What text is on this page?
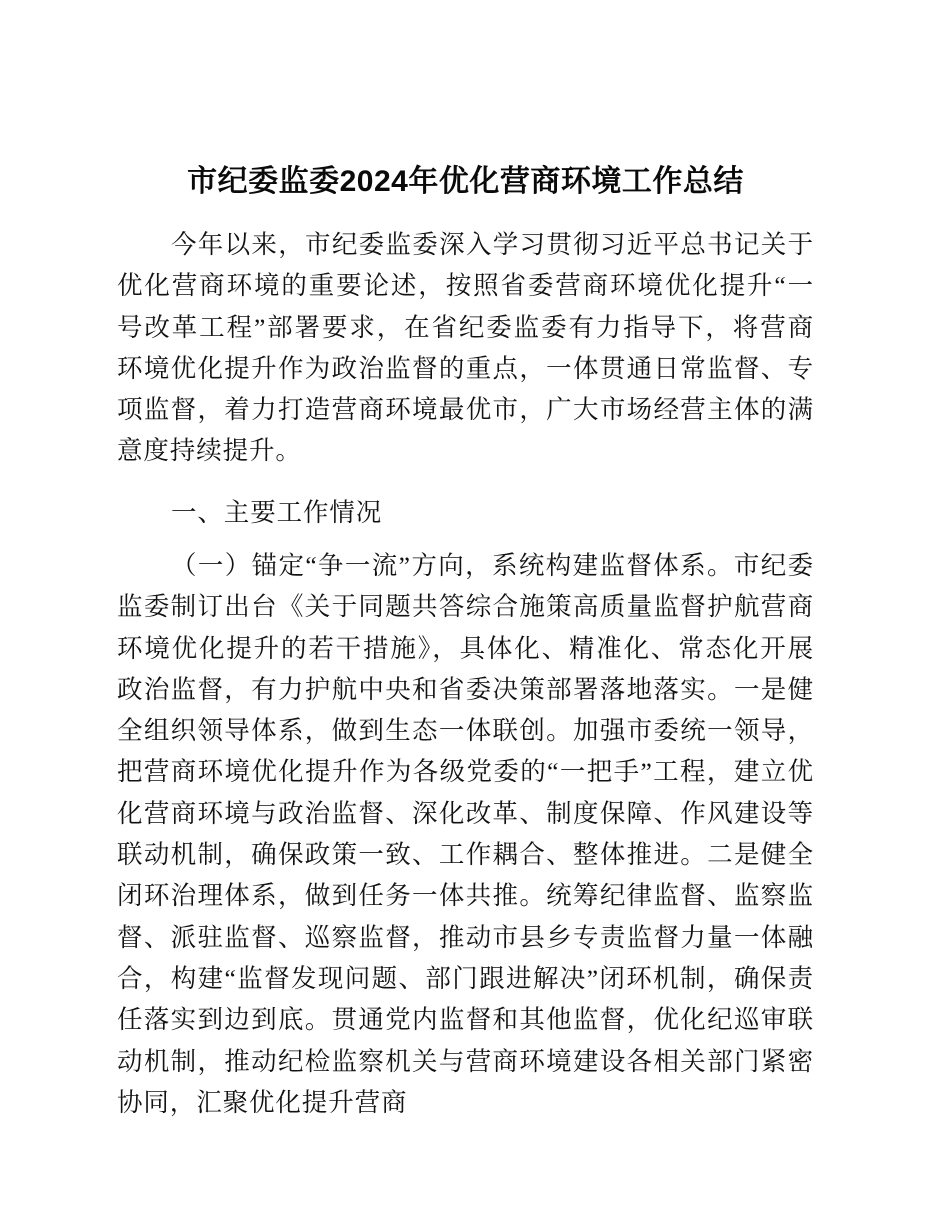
市纪委监委2024年优化营商环境工作总结

今年以来，市纪委监委深入学习贯彻习近平总书记关于优化营商环境的重要论述，按照省委营商环境优化提升“一号改革工程”部署要求，在省纪委监委有力指导下，将营商环境优化提升作为政治监督的重点，一体贯通日常监督、专项监督，着力打造营商环境最优市，广大市场经营主体的满意度持续提升。

一、主要工作情况

（一）锚定“争一流”方向，系统构建监督体系。市纪委监委制订出台《关于同题共答综合施策高质量监督护航营商环境优化提升的若干措施》，具体化、精准化、常态化开展政治监督，有力护航中央和省委决策部署落地落实。一是健全组织领导体系，做到生态一体联创。加强市委统一领导，把营商环境优化提升作为各级党委的“一把手”工程，建立优化营商环境与政治监督、深化改革、制度保障、作风建设等联动机制，确保政策一致、工作耦合、整体推进。二是健全闭环治理体系，做到任务一体共推。统筹纪律监督、监察监督、派驻监督、巡察监督，推动市县乡专责监督力量一体融合，构建“监督发现问题、部门跟进解决”闭环机制，确保责任落实到边到底。贯通党内监督和其他监督，优化纪巡审联动机制，推动纪检监察机关与营商环境建设各相关部门紧密协同，汇聚优化提升营商
